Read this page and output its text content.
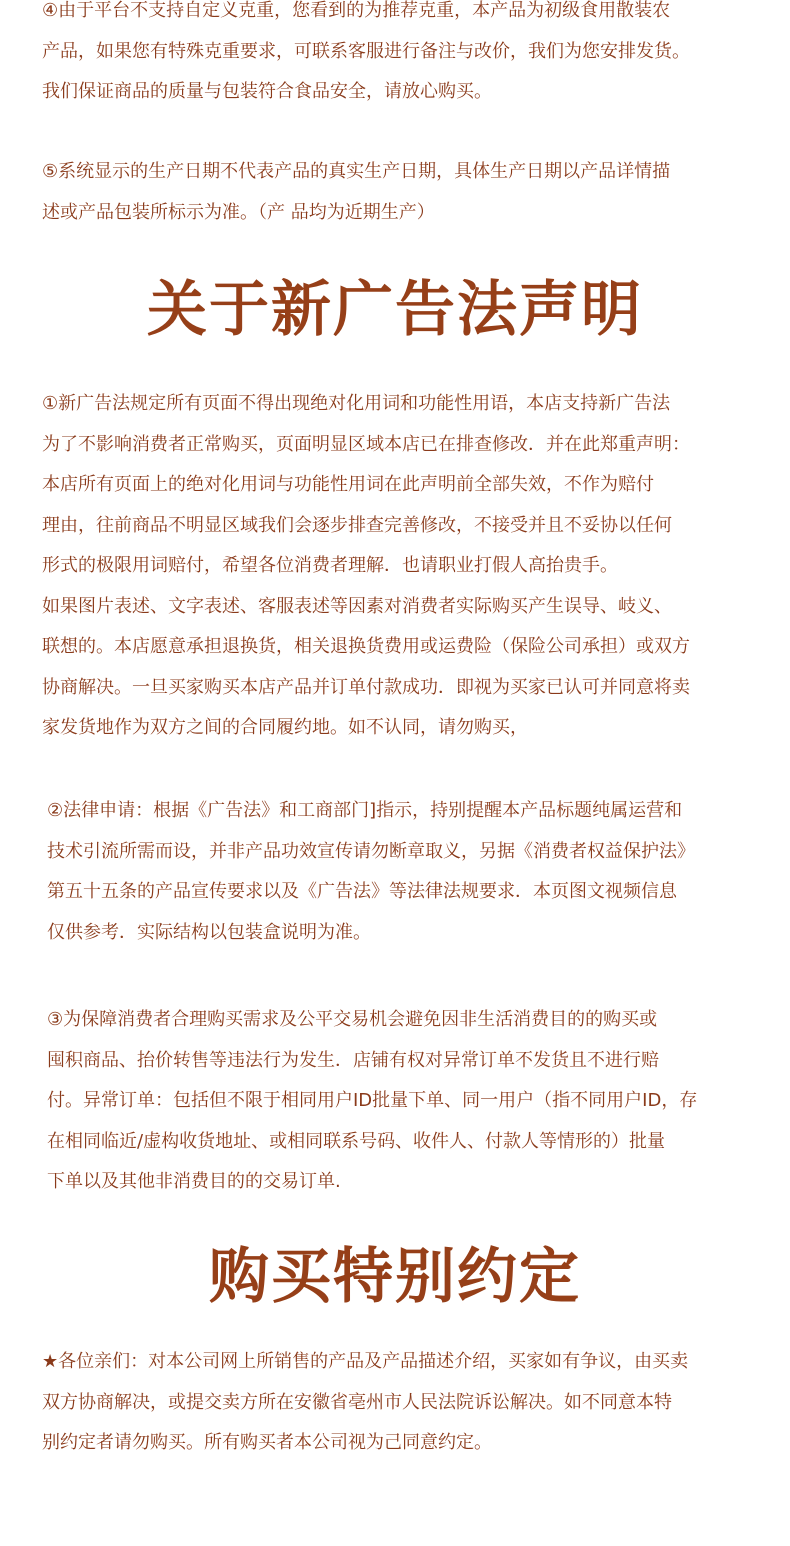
④由于平台不支持自定义克重，您看到的为推荐克重，本产品为初级食用散装农
产品，如果您有特殊克重要求，可联系客服进行备注与改价，我们为您安排发货。
我们保证商品的质量与包装符合食品安全，请放心购买。
⑤系统显示的生产日期不代表产品的真实生产日期，具体生产日期以产品详情描
述或产品包装所标示为准。（产 品均为近期生产）
关于新广告法声明
①新广告法规定所有页面不得出现绝对化用词和功能性用语，本店支持新广告法
为了不影响消费者正常购买，页面明显区域本店已在排查修改．并在此郑重声明：
本店所有页面上的绝对化用词与功能性用词在此声明前全部失效，不作为赔付
理由，往前商品不明显区域我们会逐步排查完善修改，不接受并且不妥协以任何
形式的极限用词赔付，希望各位消费者理解．也请职业打假人高抬贵手。
如果图片表述、文字表述、客服表述等因素对消费者实际购买产生误导、岐义、
联想的。本店愿意承担退换货，相关退换货费用或运费险（保险公司承担）或双方
协商解决。一旦买家购买本店产品并订单付款成功．即视为买家已认可并同意将卖
家发货地作为双方之间的合同履约地。如不认同，请勿购买，
②法律申请：根据《广告法》和工商部门]指示，持别提醒本产品标题纯属运营和
技术引流所需而设，并非产品功效宣传请勿断章取义，另据《消费者权益保护法》
第五十五条的产品宣传要求以及《广告法》等法律法规要求．本页图文视频信息
仅供参考．实际结构以包装盒说明为准。
③为保障消费者合理购买需求及公平交易机会避免因非生活消费目的的购买或
囤积商品、抬价转售等违法行为发生．店铺有权对异常订单不发货且不进行赔
付。异常订单：包括但不限于相同用户ID批量下单、同一用户（指不同用户ID，存
在相同临近/虚构收货地址、或相同联系号码、收件人、付款人等情形的）批量
下单以及其他非消费目的的交易订单.
购买特别约定
★各位亲们：对本公司网上所销售的产品及产品描述介绍，买家如有争议，由买卖
双方协商解决，或提交卖方所在安徽省亳州市人民法院诉讼解决。如不同意本特
别约定者请勿购买。所有购买者本公司视为己同意约定。
